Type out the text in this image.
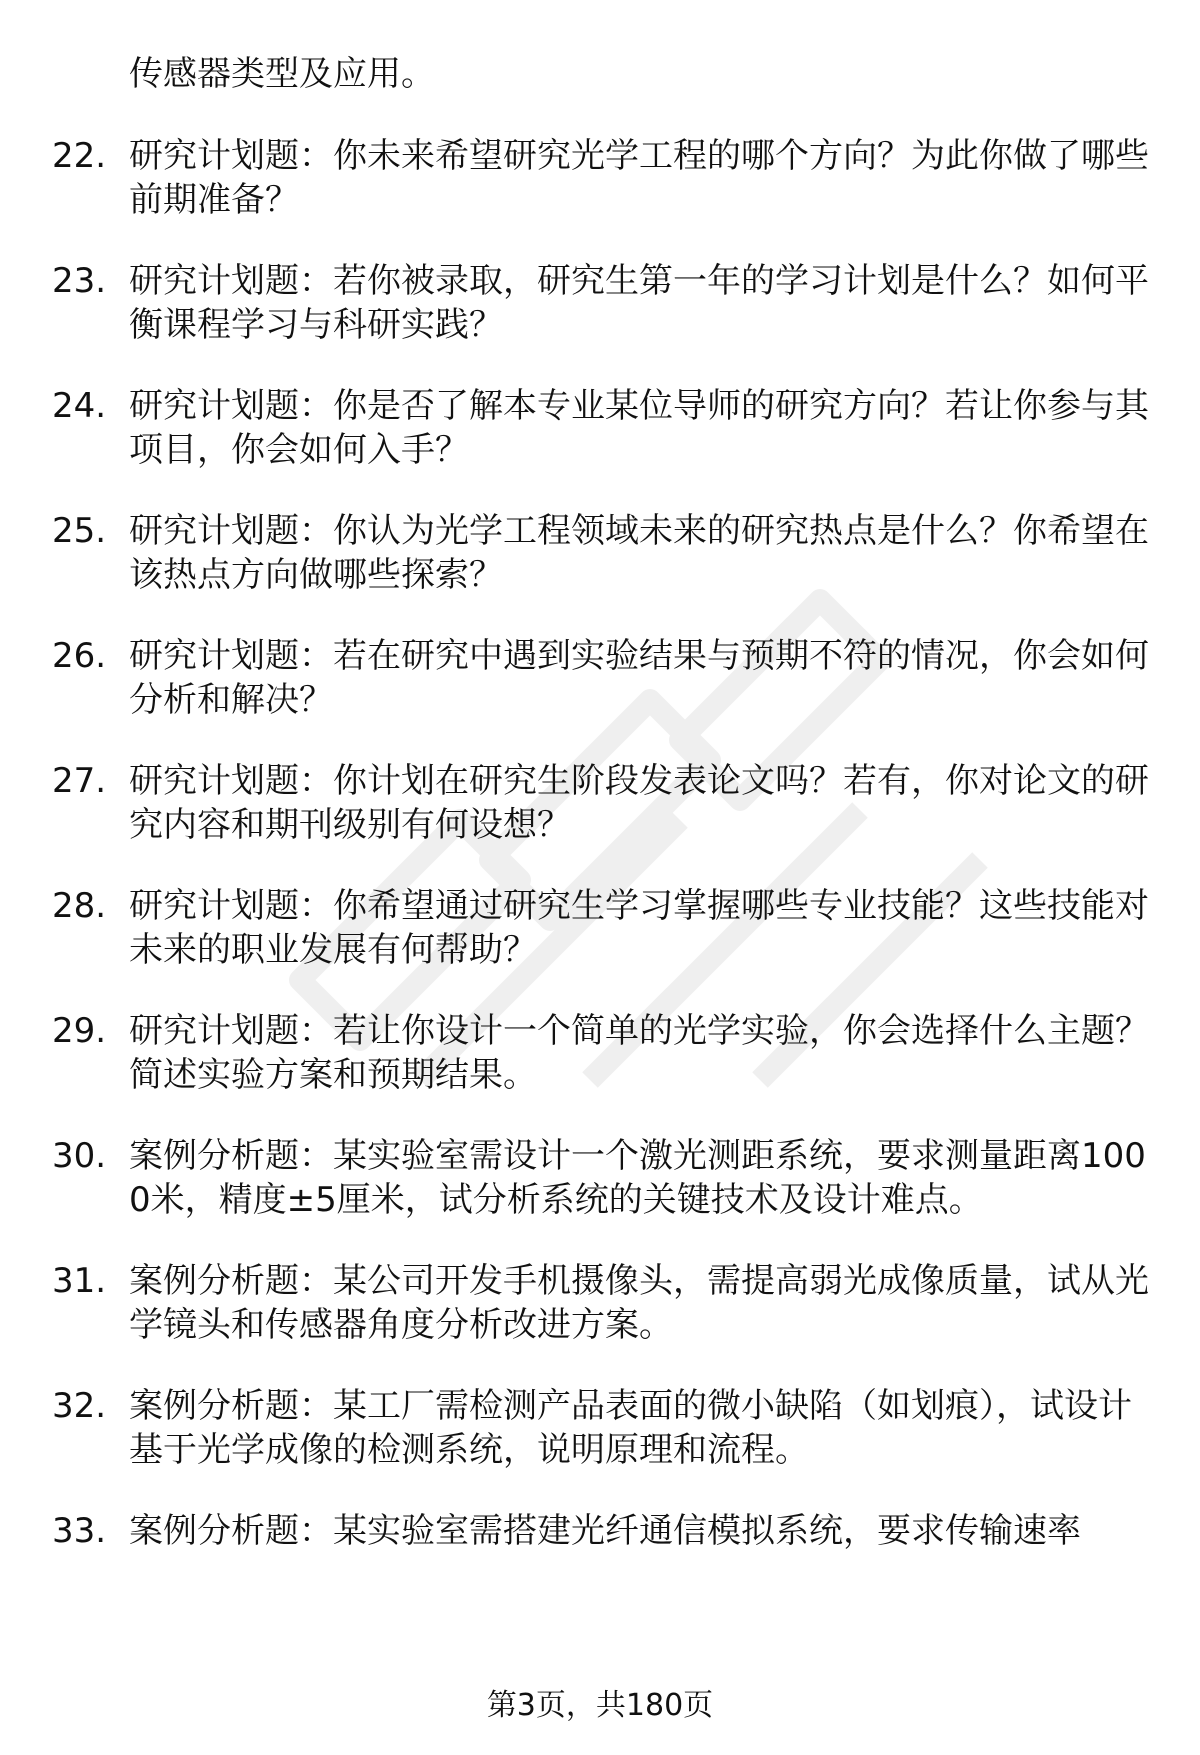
传感器类型及应用。

22. 研究计划题：你未来希望研究光学工程的哪个方向？为此你做了哪些前期准备？
23. 研究计划题：若你被录取，研究生第一年的学习计划是什么？如何平衡课程学习与科研实践？
24. 研究计划题：你是否了解本专业某位导师的研究方向？若让你参与其项目，你会如何入手？
25. 研究计划题：你认为光学工程领域未来的研究热点是什么？你希望在该热点方向做哪些探索？
26. 研究计划题：若在研究中遇到实验结果与预期不符的情况，你会如何分析和解决？
27. 研究计划题：你计划在研究生阶段发表论文吗？若有，你对论文的研究内容和期刊级别有何设想？
28. 研究计划题：你希望通过研究生学习掌握哪些专业技能？这些技能对未来的职业发展有何帮助？
29. 研究计划题：若让你设计一个简单的光学实验，你会选择什么主题？简述实验方案和预期结果。
30. 案例分析题：某实验室需设计一个激光测距系统，要求测量距离1000米，精度±5厘米，试分析系统的关键技术及设计难点。
31. 案例分析题：某公司开发手机摄像头，需提高弱光成像质量，试从光学镜头和传感器角度分析改进方案。
32. 案例分析题：某工厂需检测产品表面的微小缺陷（如划痕），试设计基于光学成像的检测系统，说明原理和流程。
33. 案例分析题：某实验室需搭建光纤通信模拟系统，要求传输速率
第3页，共180页
